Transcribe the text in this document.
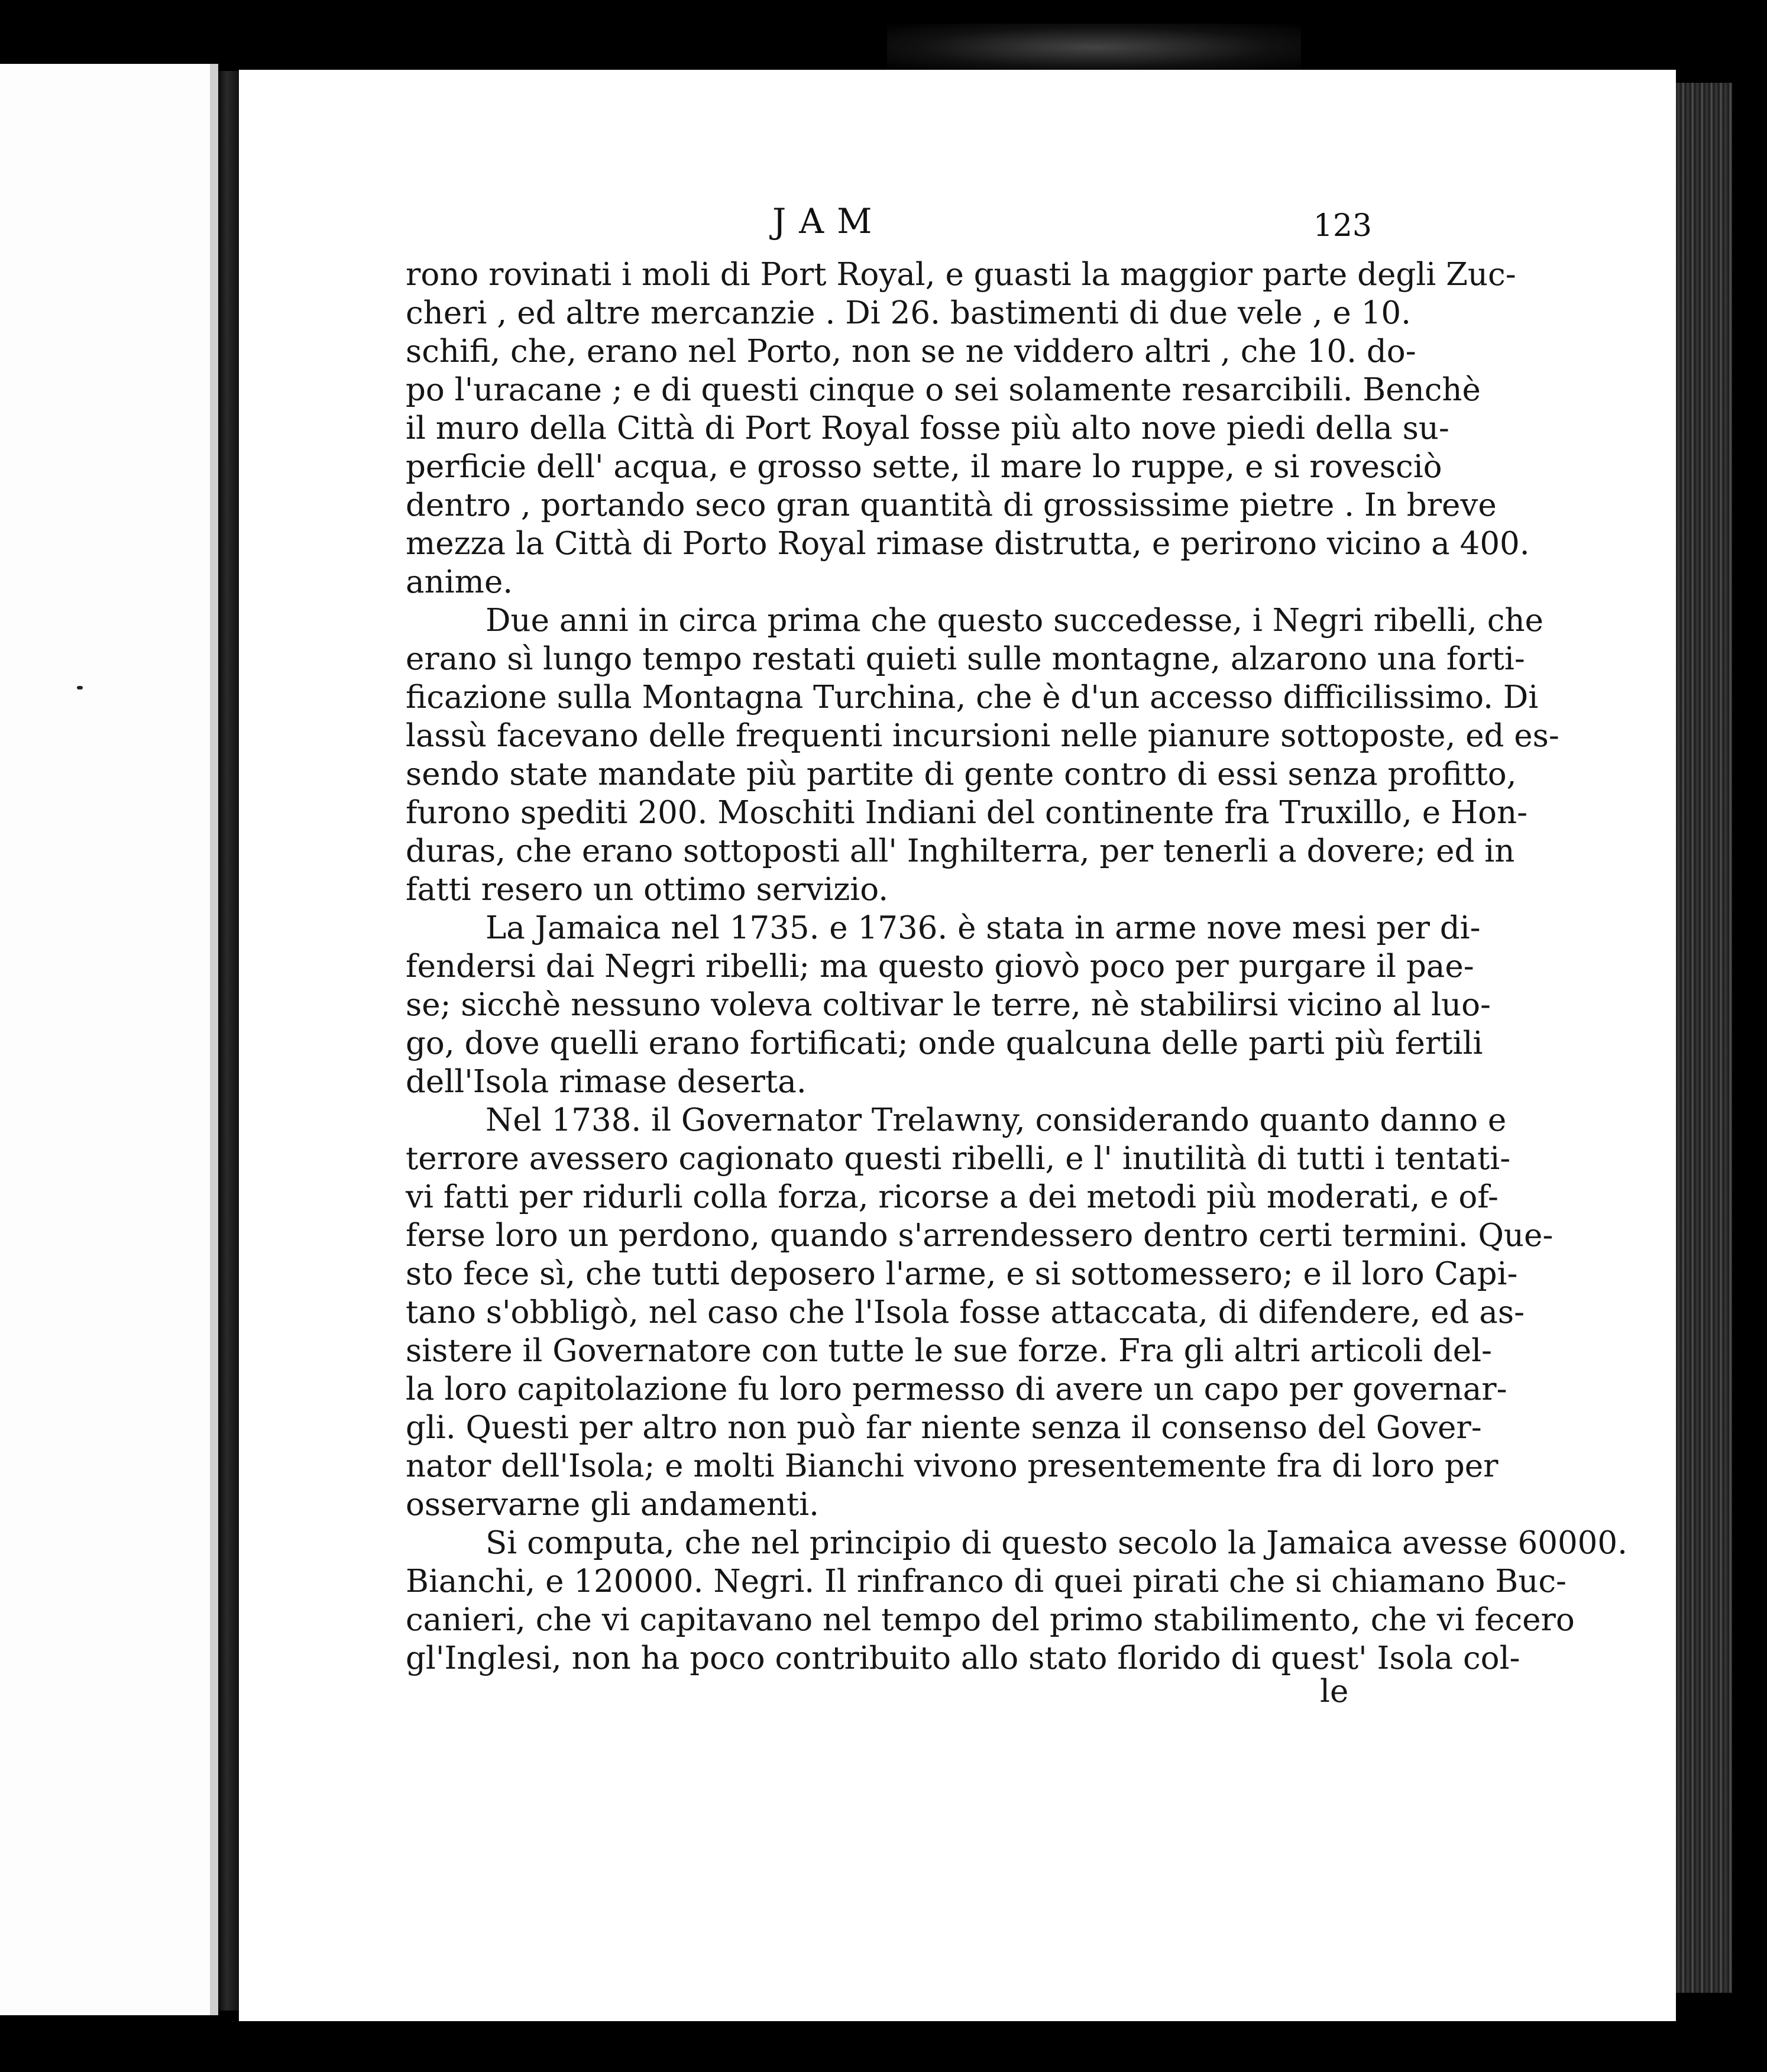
JAM	123
rono rovinati i moli di Port Royal, e guasti la maggior parte degli Zuc-
cheri , ed altre mercanzie . Di 26. bastimenti di due vele , e 10.
schifi, che, erano nel Porto, non se ne viddero altri , che 10. do-
po l'uracane ; e di questi cinque o sei solamente resarcibili. Benchè
il muro della Città di Port Royal fosse più alto nove piedi della su-
perficie dell' acqua, e grosso sette, il mare lo ruppe, e si rovesciò
dentro , portando seco gran quantità di grossissime pietre . In breve
mezza la Città di Porto Royal rimase distrutta, e perirono vicino a 400.
anime.
Due anni in circa prima che questo succedesse, i Negri ribelli, che
erano sì lungo tempo restati quieti sulle montagne, alzarono una forti-
ficazione sulla Montagna Turchina, che è d'un accesso difficilissimo. Di
lassù facevano delle frequenti incursioni nelle pianure sottoposte, ed es-
sendo state mandate più partite di gente contro di essi senza profitto,
furono spediti 200. Moschiti Indiani del continente fra Truxillo, e Hon-
duras, che erano sottoposti all' Inghilterra, per tenerli a dovere; ed in
fatti resero un ottimo servizio.
La Jamaica nel 1735. e 1736. è stata in arme nove mesi per di-
fendersi dai Negri ribelli; ma questo giovò poco per purgare il pae-
se; sicchè nessuno voleva coltivar le terre, nè stabilirsi vicino al luo-
go, dove quelli erano fortificati; onde qualcuna delle parti più fertili
dell'Isola rimase deserta.
Nel 1738. il Governator Trelawny, considerando quanto danno e
terrore avessero cagionato questi ribelli, e l' inutilità di tutti i tentati-
vi fatti per ridurli colla forza, ricorse a dei metodi più moderati, e of-
ferse loro un perdono, quando s'arrendessero dentro certi termini. Que-
sto fece sì, che tutti deposero l'arme, e si sottomessero; e il loro Capi-
tano s'obbligò, nel caso che l'Isola fosse attaccata, di difendere, ed as-
sistere il Governatore con tutte le sue forze. Fra gli altri articoli del-
la loro capitolazione fu loro permesso di avere un capo per governar-
gli. Questi per altro non può far niente senza il consenso del Gover-
nator dell'Isola; e molti Bianchi vivono presentemente fra di loro per
osservarne gli andamenti.
Si computa, che nel principio di questo secolo la Jamaica avesse 60000.
Bianchi, e 120000. Negri. Il rinfranco di quei pirati che si chiamano Buc-
canieri, che vi capitavano nel tempo del primo stabilimento, che vi fecero
gl'Inglesi, non ha poco contribuito allo stato florido di quest' Isola col-
le
